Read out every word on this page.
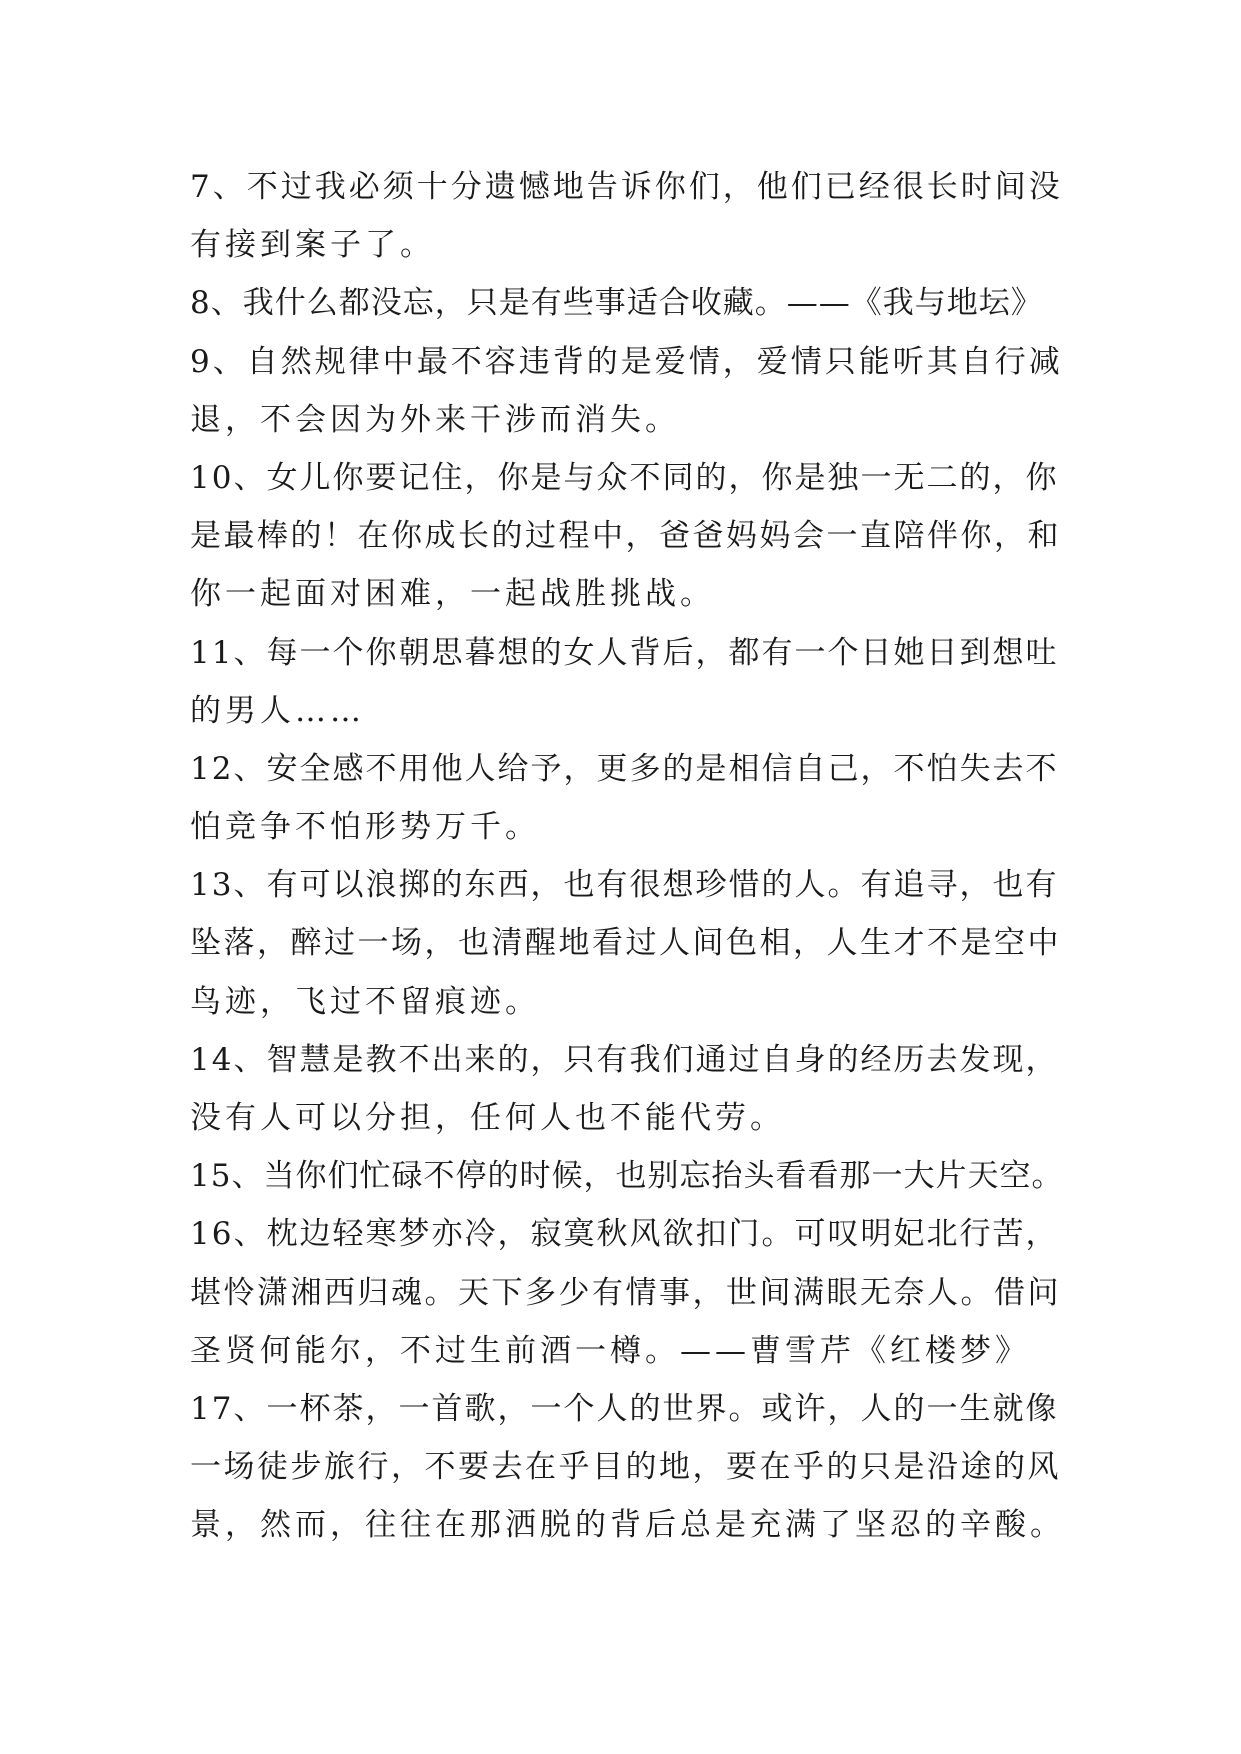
7、不过我必须十分遗憾地告诉你们，他们已经很长时间没
有接到案子了。
8、我什么都没忘，只是有些事适合收藏。——《我与地坛》
9、自然规律中最不容违背的是爱情，爱情只能听其自行减
退，不会因为外来干涉而消失。
10、女儿你要记住，你是与众不同的，你是独一无二的，你
是最棒的！在你成长的过程中，爸爸妈妈会一直陪伴你，和
你一起面对困难，一起战胜挑战。
11、每一个你朝思暮想的女人背后，都有一个日她日到想吐
的男人……
12、安全感不用他人给予，更多的是相信自己，不怕失去不
怕竞争不怕形势万千。
13、有可以浪掷的东西，也有很想珍惜的人。有追寻，也有
坠落，醉过一场，也清醒地看过人间色相，人生才不是空中
鸟迹，飞过不留痕迹。
14、智慧是教不出来的，只有我们通过自身的经历去发现，
没有人可以分担，任何人也不能代劳。
15、当你们忙碌不停的时候，也别忘抬头看看那一大片天空。
16、枕边轻寒梦亦冷，寂寞秋风欲扣门。可叹明妃北行苦，
堪怜潇湘西归魂。天下多少有情事，世间满眼无奈人。借问
圣贤何能尔，不过生前酒一樽。——曹雪芹《红楼梦》
17、一杯茶，一首歌，一个人的世界。或许，人的一生就像
一场徒步旅行，不要去在乎目的地，要在乎的只是沿途的风
景，然而，往往在那洒脱的背后总是充满了坚忍的辛酸。
